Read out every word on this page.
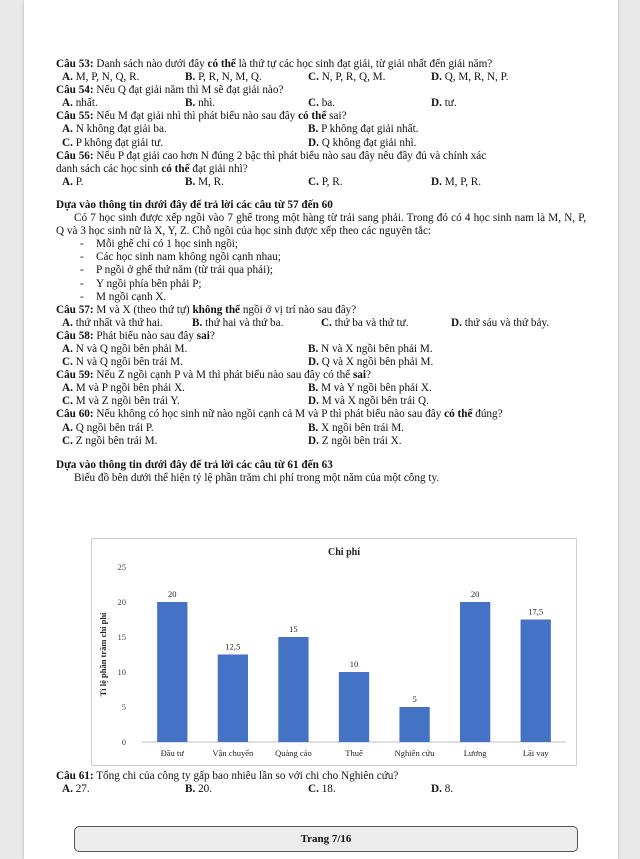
Câu 53: Danh sách nào dưới đây có thể là thứ tự các học sinh đạt giải, từ giải nhất đến giải năm?
A. M, P, N, Q, R.	B. P, R, N, M, Q.	C. N, P, R, Q, M.	D. Q, M, R, N, P.
Câu 54: Nếu Q đạt giải năm thì M sẽ đạt giải nào?
A. nhất.	B. nhì.	C. ba.	D. tư.
Câu 55: Nếu M đạt giải nhì thì phát biểu nào sau đây có thể sai?
A. N không đạt giải ba.	B. P không đạt giải nhất.
C. P không đạt giải tư.	D. Q không đạt giải nhì.
Câu 56: Nếu P đạt giải cao hơn N đúng 2 bậc thì phát biểu nào sau đây nêu đầy đủ và chính xác
danh sách các học sinh có thể đạt giải nhì?
A. P.	B. M, R.	C. P, R.	D. M, P, R.
Dựa vào thông tin dưới đây để trả lời các câu từ 57 đến 60
Có 7 học sinh được xếp ngồi vào 7 ghế trong một hàng từ trái sang phải. Trong đó có 4 học sinh nam là M, N, P, Q và 3 học sinh nữ là X, Y, Z. Chỗ ngồi của học sinh được xếp theo các nguyên tắc:
- Mỗi ghế chỉ có 1 học sinh ngồi;
- Các học sinh nam không ngồi cạnh nhau;
- P ngồi ở ghế thứ năm (từ trái qua phải);
- Y ngồi phía bên phải P;
- M ngồi cạnh X.
Câu 57: M và X (theo thứ tự) không thể ngồi ở vị trí nào sau đây?
A. thứ nhất và thứ hai.	B. thứ hai và thứ ba.	C. thứ ba và thứ tư.	D. thứ sáu và thứ bảy.
Câu 58: Phát biểu nào sau đây sai?
A. N và Q ngồi bên phải M.	B. N và X ngồi bên phải M.
C. N và Q ngồi bên trái M.	D. Q và X ngồi bên phải M.
Câu 59: Nếu Z ngồi cạnh P và M thì phát biểu nào sau đây có thể sai?
A. M và P ngồi bên phải X.	B. M và Y ngồi bên phải X.
C. M và Z ngồi bên trái Y.	D. M và X ngồi bên trái Q.
Câu 60: Nếu không có học sinh nữ nào ngồi cạnh cả M và P thì phát biểu nào sau đây có thể đúng?
A. Q ngồi bên trái P.	B. X ngồi bên trái M.
C. Z ngồi bên trái M.	D. Z ngồi bên trái X.
Dựa vào thông tin dưới đây để trả lời các câu từ 61 đến 63
Biểu đồ bên dưới thể hiện tỷ lệ phần trăm chi phí trong một năm của một công ty.
Chi phí
Tỉ lệ phần trăm chi phí
0
5
10
15
20
25
20
Đầu tư
12,5
Vận chuyển
15
Quảng cáo
10
Thuế
5
Nghiên cứu
20
Lương
17,5
Lãi vay
Câu 61: Tổng chi của công ty gấp bao nhiêu lần so với chi cho Nghiên cứu?
A. 27.	B. 20.	C. 18.	D. 8.
Trang 7/16
